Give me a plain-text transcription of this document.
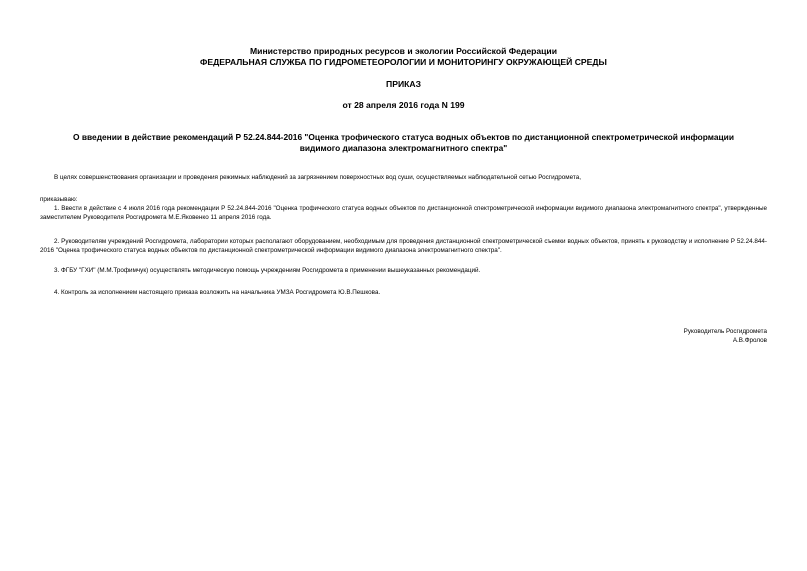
Министерство природных ресурсов и экологии Российской Федерации
ФЕДЕРАЛЬНАЯ СЛУЖБА ПО ГИДРОМЕТЕОРОЛОГИИ И МОНИТОРИНГУ ОКРУЖАЮЩЕЙ СРЕДЫ
ПРИКАЗ
от 28 апреля 2016 года N 199
О введении в действие рекомендаций Р 52.24.844-2016 "Оценка трофического статуса водных объектов по дистанционной спектрометрической информации
видимого диапазона электромагнитного спектра"
В целях совершенствования организации и проведения режимных наблюдений за загрязнением поверхностных вод суши, осуществляемых наблюдательной сетью Росгидромета,
приказываю:
1. Ввести в действие с 4 июля 2016 года рекомендации Р 52.24.844-2016 "Оценка трофического статуса водных объектов по дистанционной спектрометрической информации видимого диапазона электромагнитного спектра", утвержденные заместителем Руководителя Росгидромета М.Е.Яковенко 11 апреля 2016 года.
2. Руководителям учреждений Росгидромета, лаборатории которых располагают оборудованием, необходимым для проведения дистанционной спектрометрической съемки водных объектов, принять к руководству и исполнение Р 52.24.844-2016 "Оценка трофического статуса водных объектов по дистанционной спектрометрической информации видимого диапазона электромагнитного спектра".
3. ФГБУ "ГХИ" (М.М.Трофимчук) осуществлять методическую помощь учреждениям Росгидромета в применении вышеуказанных рекомендаций.
4. Контроль за исполнением настоящего приказа возложить на начальника УМЗА Росгидромета Ю.В.Пешкова.
Руководитель Росгидромета
А.В.Фролов
